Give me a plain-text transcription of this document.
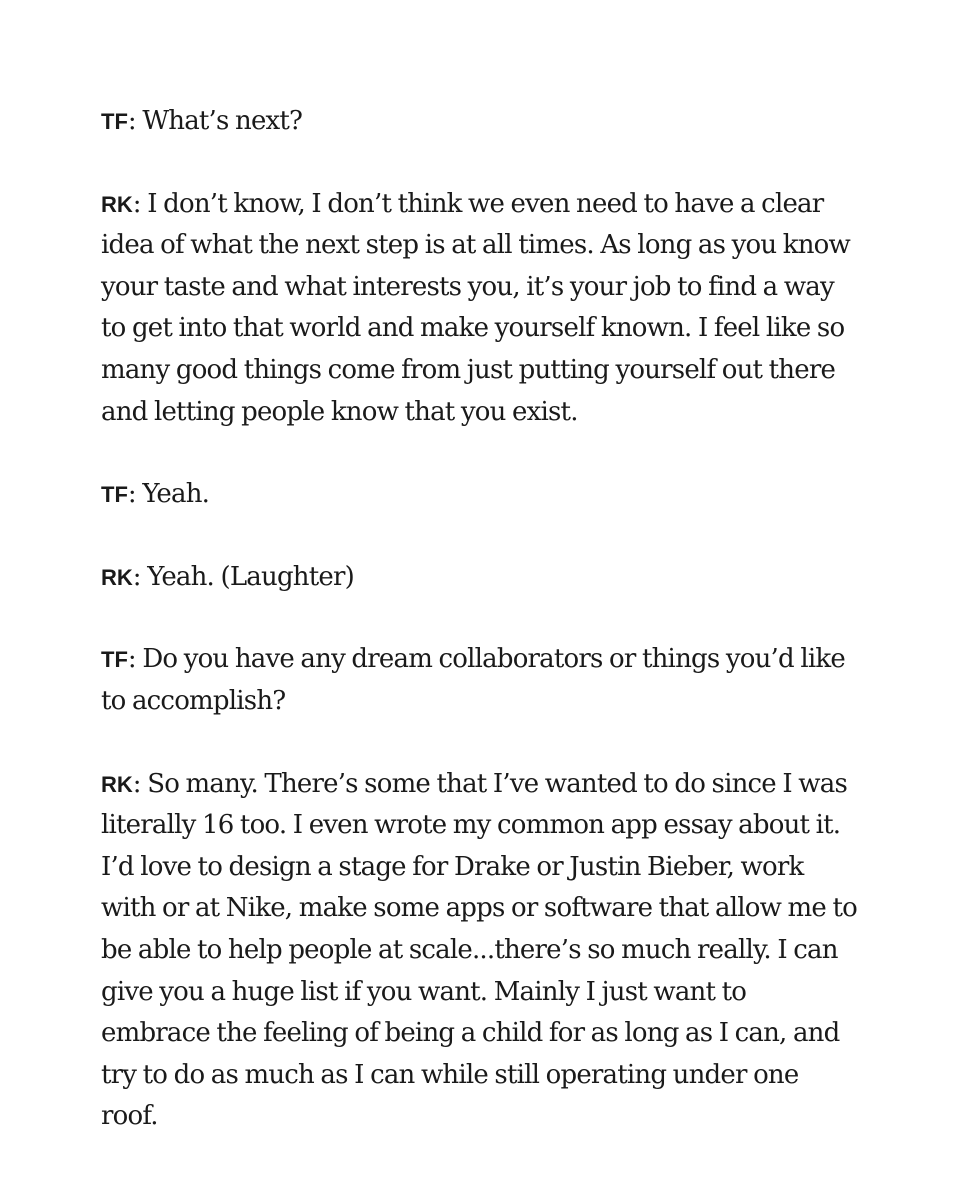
TF: What’s next?

RK: I don’t know, I don’t think we even need to have a clear idea of what the next step is at all times. As long as you know your taste and what interests you, it’s your job to find a way to get into that world and make yourself known. I feel like so many good things come from just putting yourself out there and letting people know that you exist.

TF: Yeah.

RK: Yeah. (Laughter)

TF: Do you have any dream collaborators or things you’d like to accomplish?

RK: So many. There’s some that I’ve wanted to do since I was literally 16 too. I even wrote my common app essay about it. I’d love to design a stage for Drake or Justin Bieber, work with or at Nike, make some apps or software that allow me to be able to help people at scale...there’s so much really. I can give you a huge list if you want. Mainly I just want to embrace the feeling of being a child for as long as I can, and try to do as much as I can while still operating under one roof.
